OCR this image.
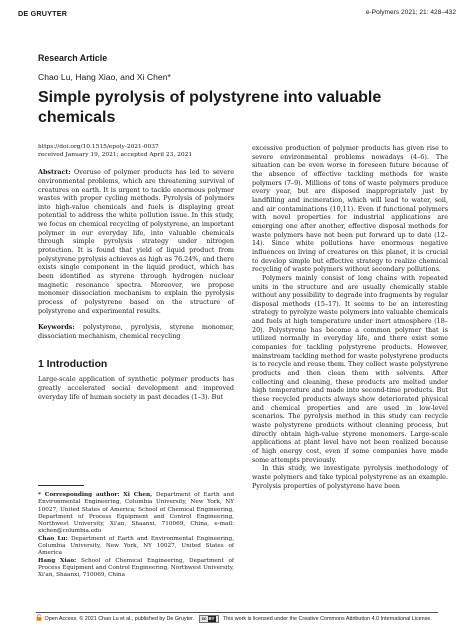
DE GRUYTER	e-Polymers 2021; 21: 428–432
Research Article
Chao Lu, Hang Xiao, and Xi Chen*
Simple pyrolysis of polystyrene into valuable chemicals
https://doi.org/10.1515/epoly-2021-0037
received January 19, 2021; accepted April 23, 2021

Abstract: Overuse of polymer products has led to severe environmental problems, which are threatening survival of creatures on earth. It is urgent to tackle enormous polymer wastes with proper cycling methods. Pyrolysis of polymers into high-value chemicals and fuels is displaying great potential to address the white pollution issue. In this study, we focus on chemical recycling of polystyrene, an important polymer in our everyday life, into valuable chemicals through simple pyrolysis strategy under nitrogen protection. It is found that yield of liquid product from polystyrene pyrolysis achieves as high as 76.24%, and there exists single component in the liquid product, which has been identified as styrene through hydrogen nuclear magnetic resonance spectra. Moreover, we propose monomer dissociation mechanism to explain the pyrolysis process of polystyrene based on the structure of polystyrene and experimental results.

Keywords: polystyrene, pyrolysis, styrene monomer, dissociation mechanism, chemical recycling

1 Introduction

Large-scale application of synthetic polymer products has greatly accelerated social development and improved everyday life of human society in past decades (1–3). But

* Corresponding author: Xi Chen, Department of Earth and Environmental Engineering, Columbia University, New York, NY 10027, United States of America; School of Chemical Engineering, Department of Process Equipment and Control Engineering, Northwest University, Xi'an, Shaanxi, 710069, China, e-mail: xichen@columbia.edu

Chao Lu: Department of Earth and Environmental Engineering, Columbia University, New York, NY 10027, United States of America

Hang Xiao: School of Chemical Engineering, Department of Process Equipment and Control Engineering, Northwest University, Xi'an, Shaanxi, 710069, China

excessive production of polymer products has given rise to severe environmental problems nowadays (4–6). The situation can be even worse in foreseen future because of the absence of effective tackling methods for waste polymers (7–9). Millions of tons of waste polymers produce every year, but are disposed inappropriately just by landfilling and incineration, which will lead to water, soil, and air contaminations (10,11). Even if functional polymers with novel properties for industrial applications are emerging one after another, effective disposal methods for waste polymers have not been put forward up to date (12–14). Since white pollutions have enormous negative influences on living of creatures on this planet, it is crucial to develop simple but effective strategy to realize chemical recycling of waste polymers without secondary pollutions.

Polymers mainly consist of long chains with repeated units in the structure and are usually chemically stable without any possibility to degrade into fragments by regular disposal methods (15–17). It seems to be an interesting strategy to pyrolyze waste polymers into valuable chemicals and fuels at high temperature under inert atmosphere (18–20). Polystyrene has become a common polymer that is utilized normally in everyday life, and there exist some companies for tackling polystyrene products. However, mainstream tackling method for waste polystyrene products is to recycle and reuse them. They collect waste polystyrene products and then clean them with solvents. After collecting and cleaning, these products are melted under high temperature and made into second-time products. But these recycled products always show deteriorated physical and chemical properties and are used in low-level scenarios. The pyrolysis method in this study can recycle waste polystyrene products without cleaning process, but directly obtain high-value styrene monomers. Large-scale applications at plant level have not been realized because of high energy cost, even if some companies have made some attempts previously.

In this study, we investigate pyrolysis methodology of waste polymers and take typical polystyrene as an example. Pyrolysis properties of polystyrene have been

Open Access. © 2021 Chao Lu et al., published by De Gruyter. cc BY This work is licensed under the Creative Commons Attribution 4.0 International License.
